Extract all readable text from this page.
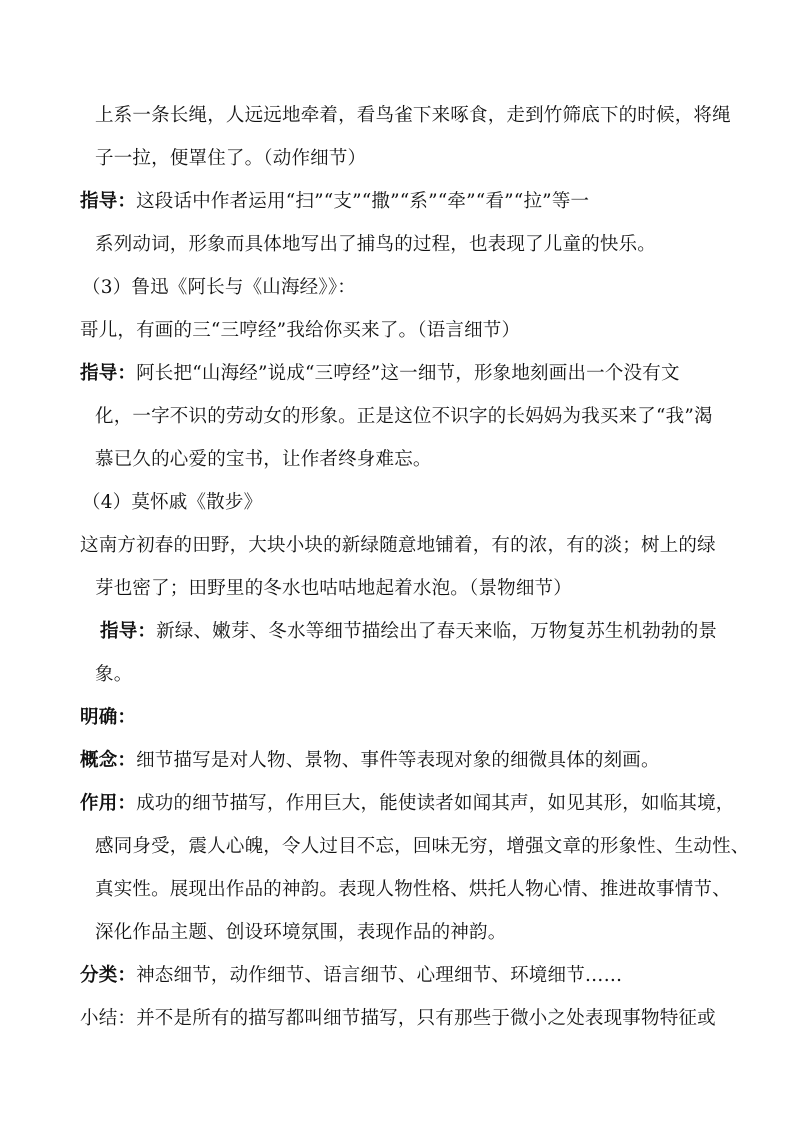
上系一条长绳，人远远地牵着，看鸟雀下来啄食，走到竹筛底下的时候，将绳
子一拉，便罩住了。（动作细节）
指导：这段话中作者运用“扫”“支”“撒”“系”“牵”“看”“拉”等一
系列动词，形象而具体地写出了捕鸟的过程，也表现了儿童的快乐。
（3）鲁迅《阿长与《山海经》》：
哥儿，有画的三“三哼经”我给你买来了。（语言细节）
指导：阿长把“山海经”说成“三哼经”这一细节，形象地刻画出一个没有文
化，一字不识的劳动女的形象。正是这位不识字的长妈妈为我买来了“我”渴
慕已久的心爱的宝书，让作者终身难忘。
（4）莫怀戚《散步》
这南方初春的田野，大块小块的新绿随意地铺着，有的浓，有的淡；树上的绿
芽也密了；田野里的冬水也咕咕地起着水泡。（景物细节）
指导：新绿、嫩芽、冬水等细节描绘出了春天来临，万物复苏生机勃勃的景
象。
明确：
概念：细节描写是对人物、景物、事件等表现对象的细微具体的刻画。
作用：成功的细节描写，作用巨大，能使读者如闻其声，如见其形，如临其境，
感同身受，震人心魄，令人过目不忘，回味无穷，增强文章的形象性、生动性、
真实性。展现出作品的神韵。表现人物性格、烘托人物心情、推进故事情节、
深化作品主题、创设环境氛围，表现作品的神韵。
分类：神态细节，动作细节、语言细节、心理细节、环境细节……
小结：并不是所有的描写都叫细节描写，只有那些于微小之处表现事物特征或
